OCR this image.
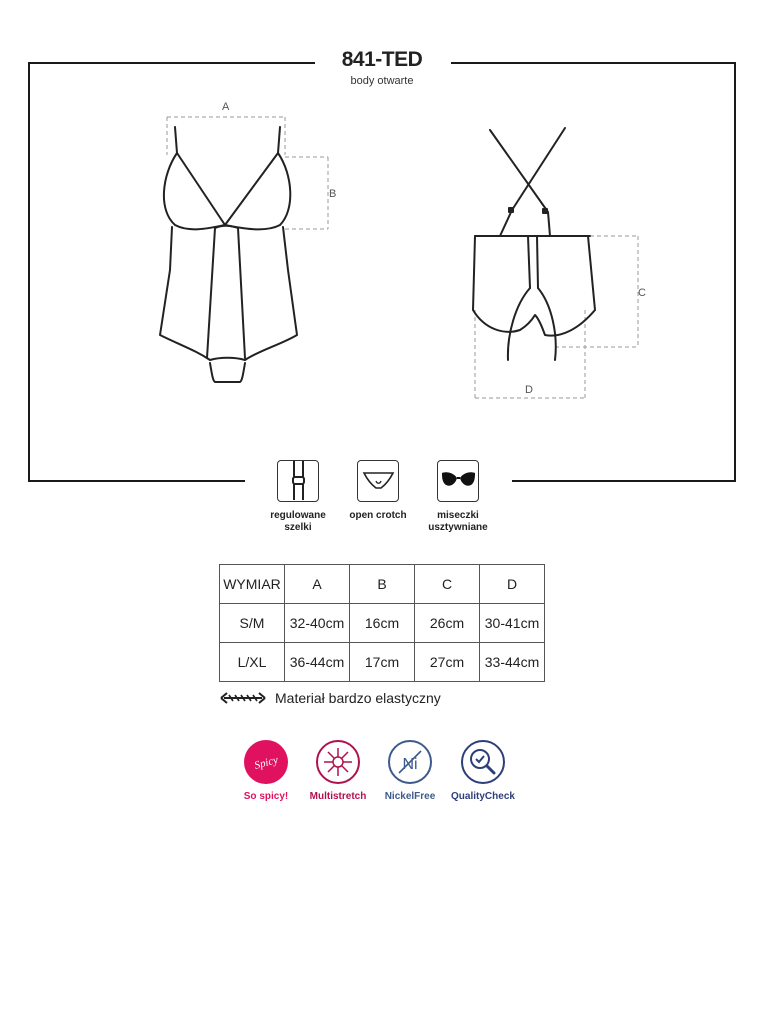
841-TED
body otwarte
A
B
C
D
regulowane
szelki
open crotch	miseczki
usztywniane
WYMIAR	A	B	C	D
S/M	32-40cm	16cm	26cm	30-41cm
L/XL	36-44cm	17cm	27cm	33-44cm
Materiał bardzo elastyczny
Spicy
So spicy!	Multistretch
Ni
NickelFree	QualityCheck
